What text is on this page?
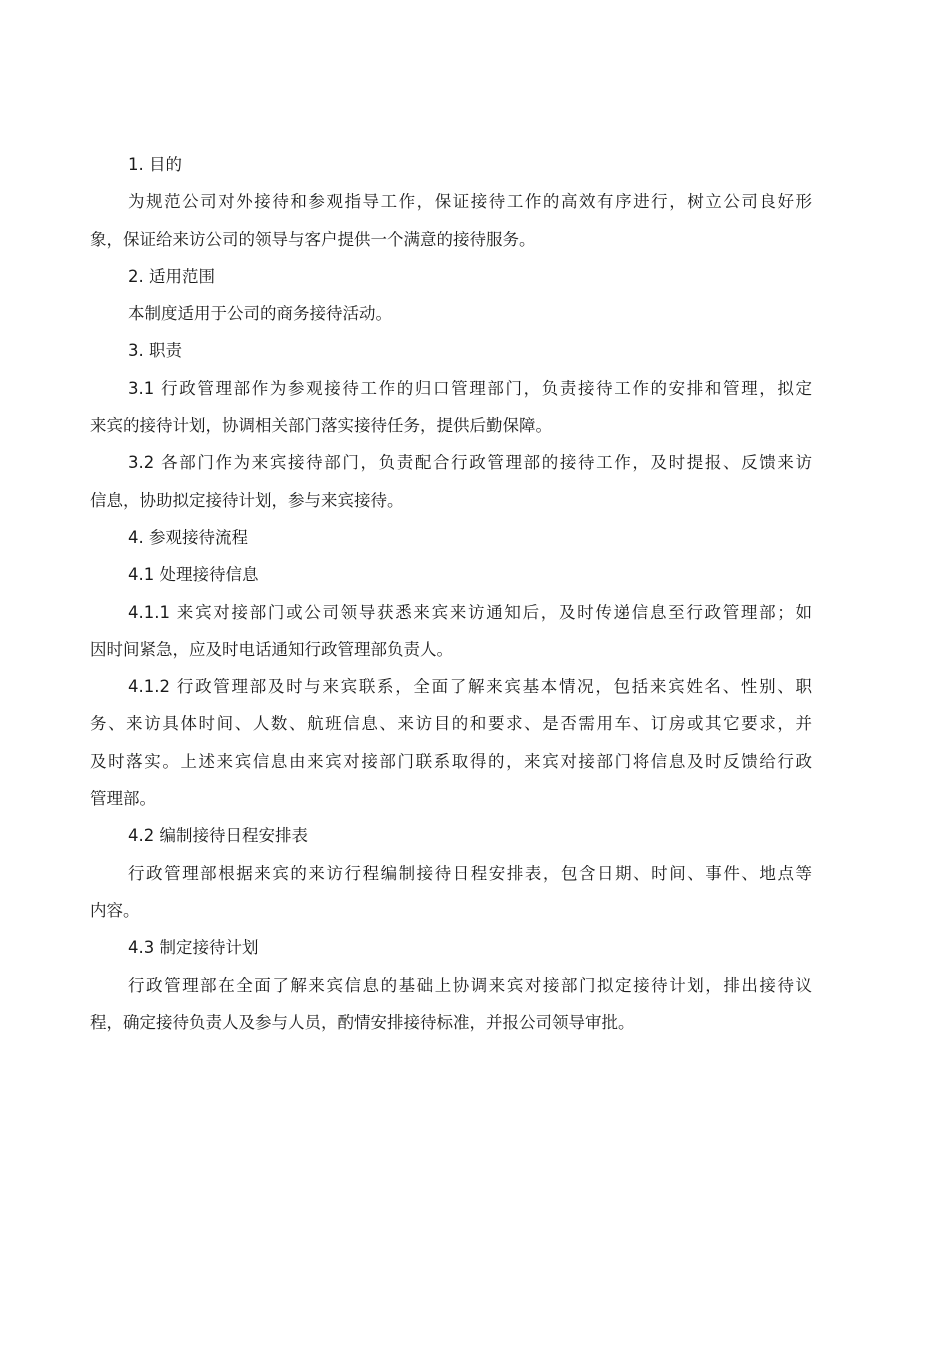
1. 目的
为规范公司对外接待和参观指导工作，保证接待工作的高效有序进行，树立公司良好形
象，保证给来访公司的领导与客户提供一个满意的接待服务。
2. 适用范围
本制度适用于公司的商务接待活动。
3. 职责
3.1 行政管理部作为参观接待工作的归口管理部门，负责接待工作的安排和管理，拟定
来宾的接待计划，协调相关部门落实接待任务，提供后勤保障。
3.2 各部门作为来宾接待部门，负责配合行政管理部的接待工作，及时提报、反馈来访
信息，协助拟定接待计划，参与来宾接待。
4. 参观接待流程
4.1 处理接待信息
4.1.1 来宾对接部门或公司领导获悉来宾来访通知后，及时传递信息至行政管理部；如
因时间紧急，应及时电话通知行政管理部负责人。
4.1.2 行政管理部及时与来宾联系，全面了解来宾基本情况，包括来宾姓名、性别、职
务、来访具体时间、人数、航班信息、来访目的和要求、是否需用车、订房或其它要求，并
及时落实。上述来宾信息由来宾对接部门联系取得的，来宾对接部门将信息及时反馈给行政
管理部。
4.2 编制接待日程安排表
行政管理部根据来宾的来访行程编制接待日程安排表，包含日期、时间、事件、地点等
内容。
4.3 制定接待计划
行政管理部在全面了解来宾信息的基础上协调来宾对接部门拟定接待计划，排出接待议
程，确定接待负责人及参与人员，酌情安排接待标准，并报公司领导审批。
